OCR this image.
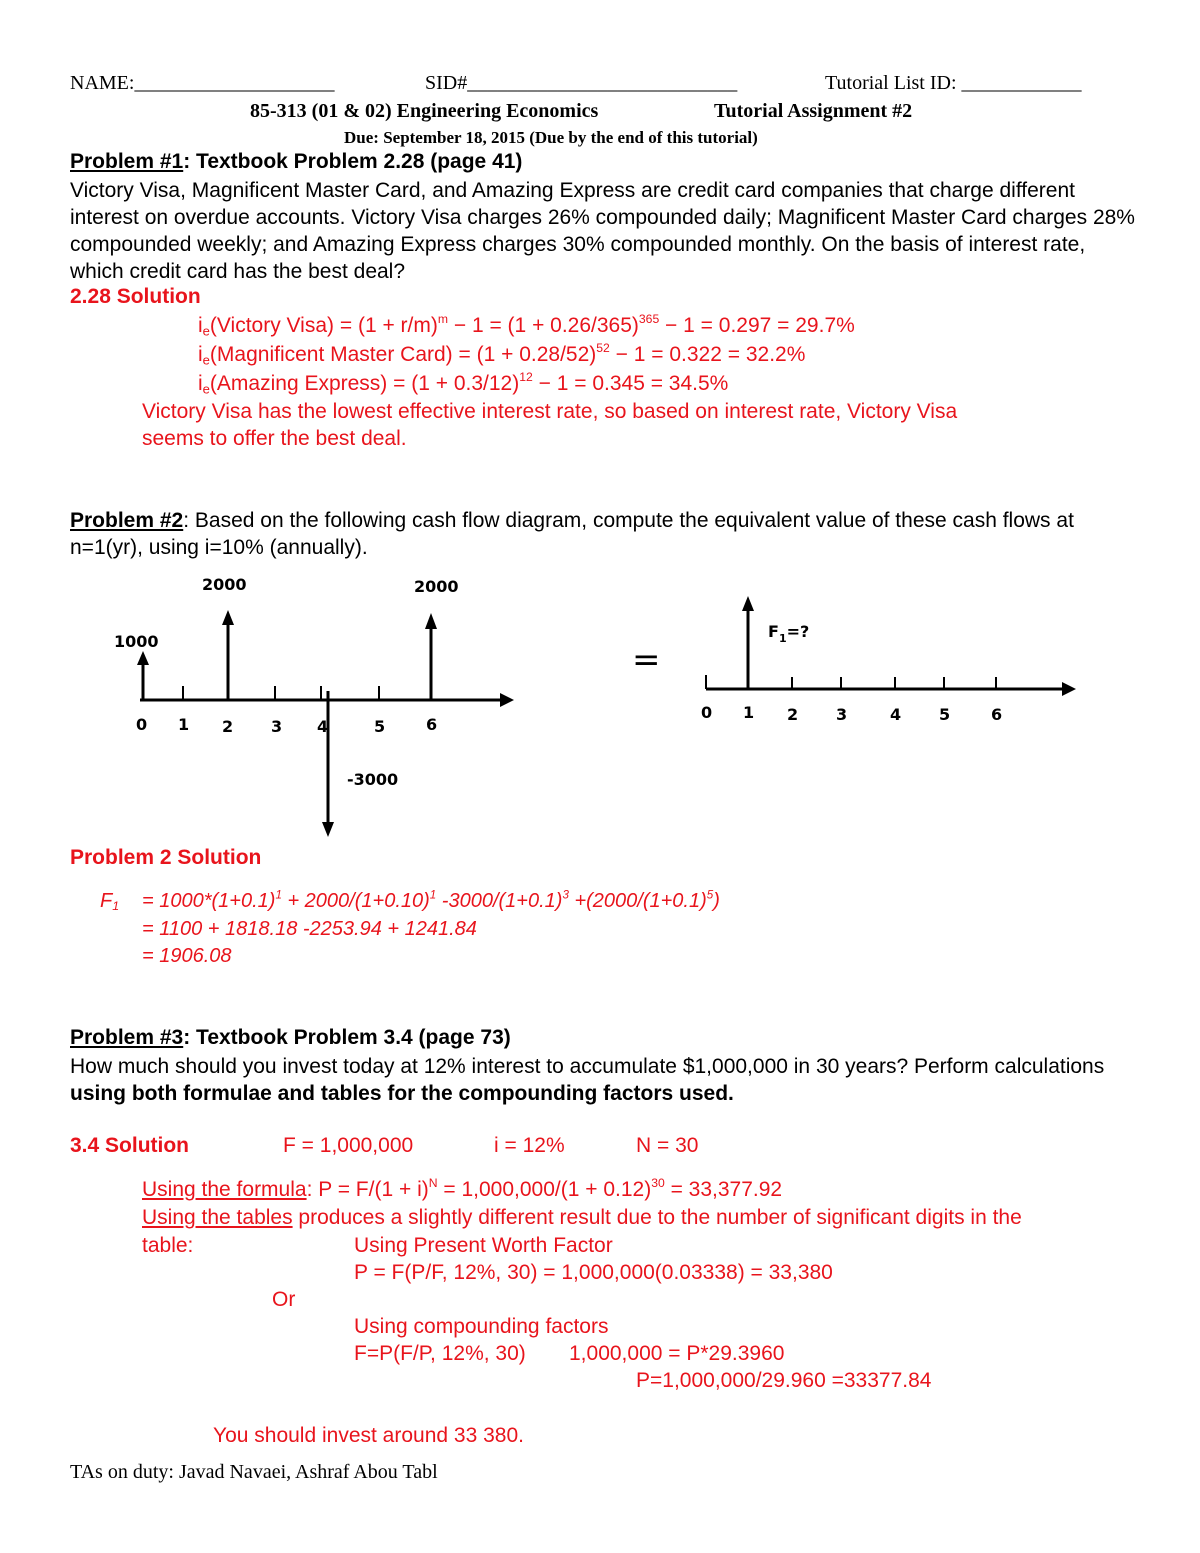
NAME:____________________	SID#___________________________	Tutorial List ID: ____________
85-313 (01 & 02) Engineering Economics	Tutorial Assignment #2
Due: September 18, 2015 (Due by the end of this tutorial)
Problem #1: Textbook Problem 2.28 (page 41)
Victory Visa, Magnificent Master Card, and Amazing Express are credit card companies that charge different interest on overdue accounts. Victory Visa charges 26% compounded daily; Magnificent Master Card charges 28% compounded weekly; and Amazing Express charges 30% compounded monthly. On the basis of interest rate, which credit card has the best deal?
2.28 Solution
$i_e(Victory$ Visa) = $(1 + r/m)^m - 1 = (1 + 0.26/365)^{365} - 1 = 0.297 = 29.7\%$
$i_e(Magnificent$ Master Card) = $(1 + 0.28/52)^{52} - 1 = 0.322 = 32.2\%$
$i_e(Amazing$ Express) = $(1 + 0.3/12)^{12} - 1 = 0.345 = 34.5\%$
Victory Visa has the lowest effective interest rate, so based on interest rate, Victory Visa
seems to offer the best deal.
Problem #2: Based on the following cash flow diagram, compute the equivalent value of these cash flows at n=1(yr), using i=10% (annually).
1000
2000	2000
-3000
0 1 2 3 4	5	6
=
$F_1=$?
0 1 2 3	4 5	6
Problem 2 Solution
$F_1 = 1000*(1+0.1)^1 + 2000/(1+0.10)^1$ $-3000/(1+0.1)^3 +(2000/(1+0.1)^5)$
= 1100 + 1818.18 -2253.94 + 1241.84
= 1906.08
Problem #3: Textbook Problem 3.4 (page 73)
How much should you invest today at 12% interest to accumulate $1,000,000 in 30 years? Perform calculations using both formulae and tables for the compounding factors used.
3.4 Solution	F = 1,000,000	i = 12%	N = 30
Using the formula: $P = F/(1 + i)^N = 1,000,000/(1 + 0.12)^{30} = 33,377.92$
Using the tables produces a slightly different result due to the number of significant digits in the
table:	Using Present Worth Factor
P = F(P/F, 12%, 30) = 1,000,000(0.03338) = 33,380
Or
Using compounding factors
F=P(F/P, 12%, 30) 1,000,000 = P*29.3960
P=1,000,000/29.960 =33377.84
You should invest around 33 380.
TAs on duty: Javad Navaei, Ashraf Abou Tabl
